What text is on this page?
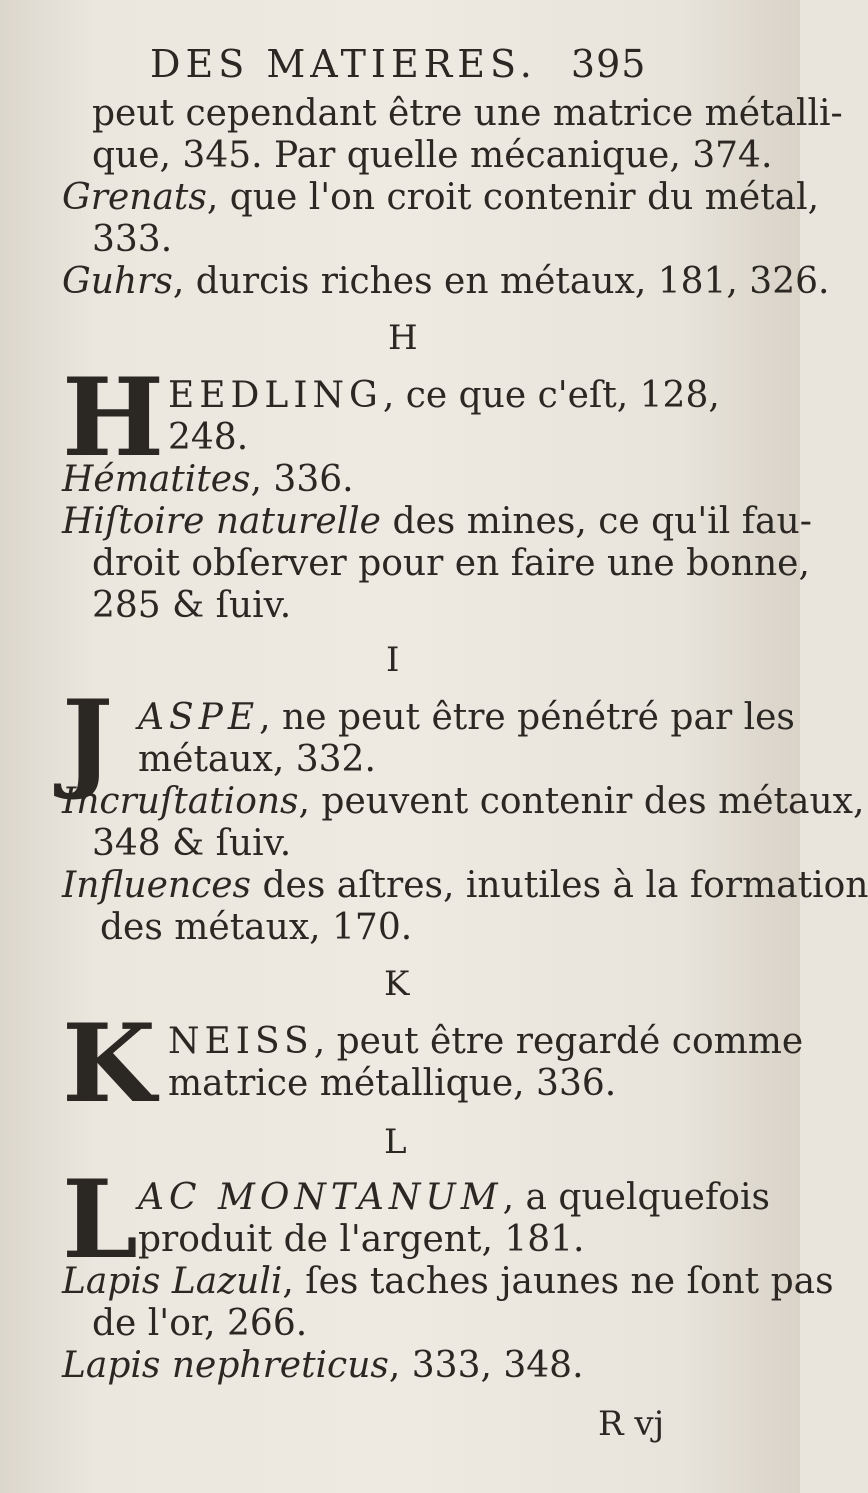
DES MATIERES. 395
peut cependant être une matrice métalli-
que, 345. Par quelle mécanique, 374.
Grenats, que l'on croit contenir du métal,
333.
Guhrs, durcis riches en métaux, 181, 326.
H
H EEDLING, ce que c'eſt, 128,
248.
Hématites, 336.
Hiſtoire naturelle des mines, ce qu'il fau-
droit obſerver pour en faire une bonne,
285 & ſuiv.
I
J ASPE, ne peut être pénétré par les
métaux, 332.
Incruſtations, peuvent contenir des métaux,
348 & ſuiv.
Influences des aſtres, inutiles à la formation
des métaux, 170.
K
K NEISS, peut être regardé comme
matrice métallique, 336.
L
L AC MONTANUM, a quelquefois
produit de l'argent, 181.
Lapis Lazuli, ſes taches jaunes ne ſont pas
de l'or, 266.
Lapis nephreticus, 333, 348.
R vj
